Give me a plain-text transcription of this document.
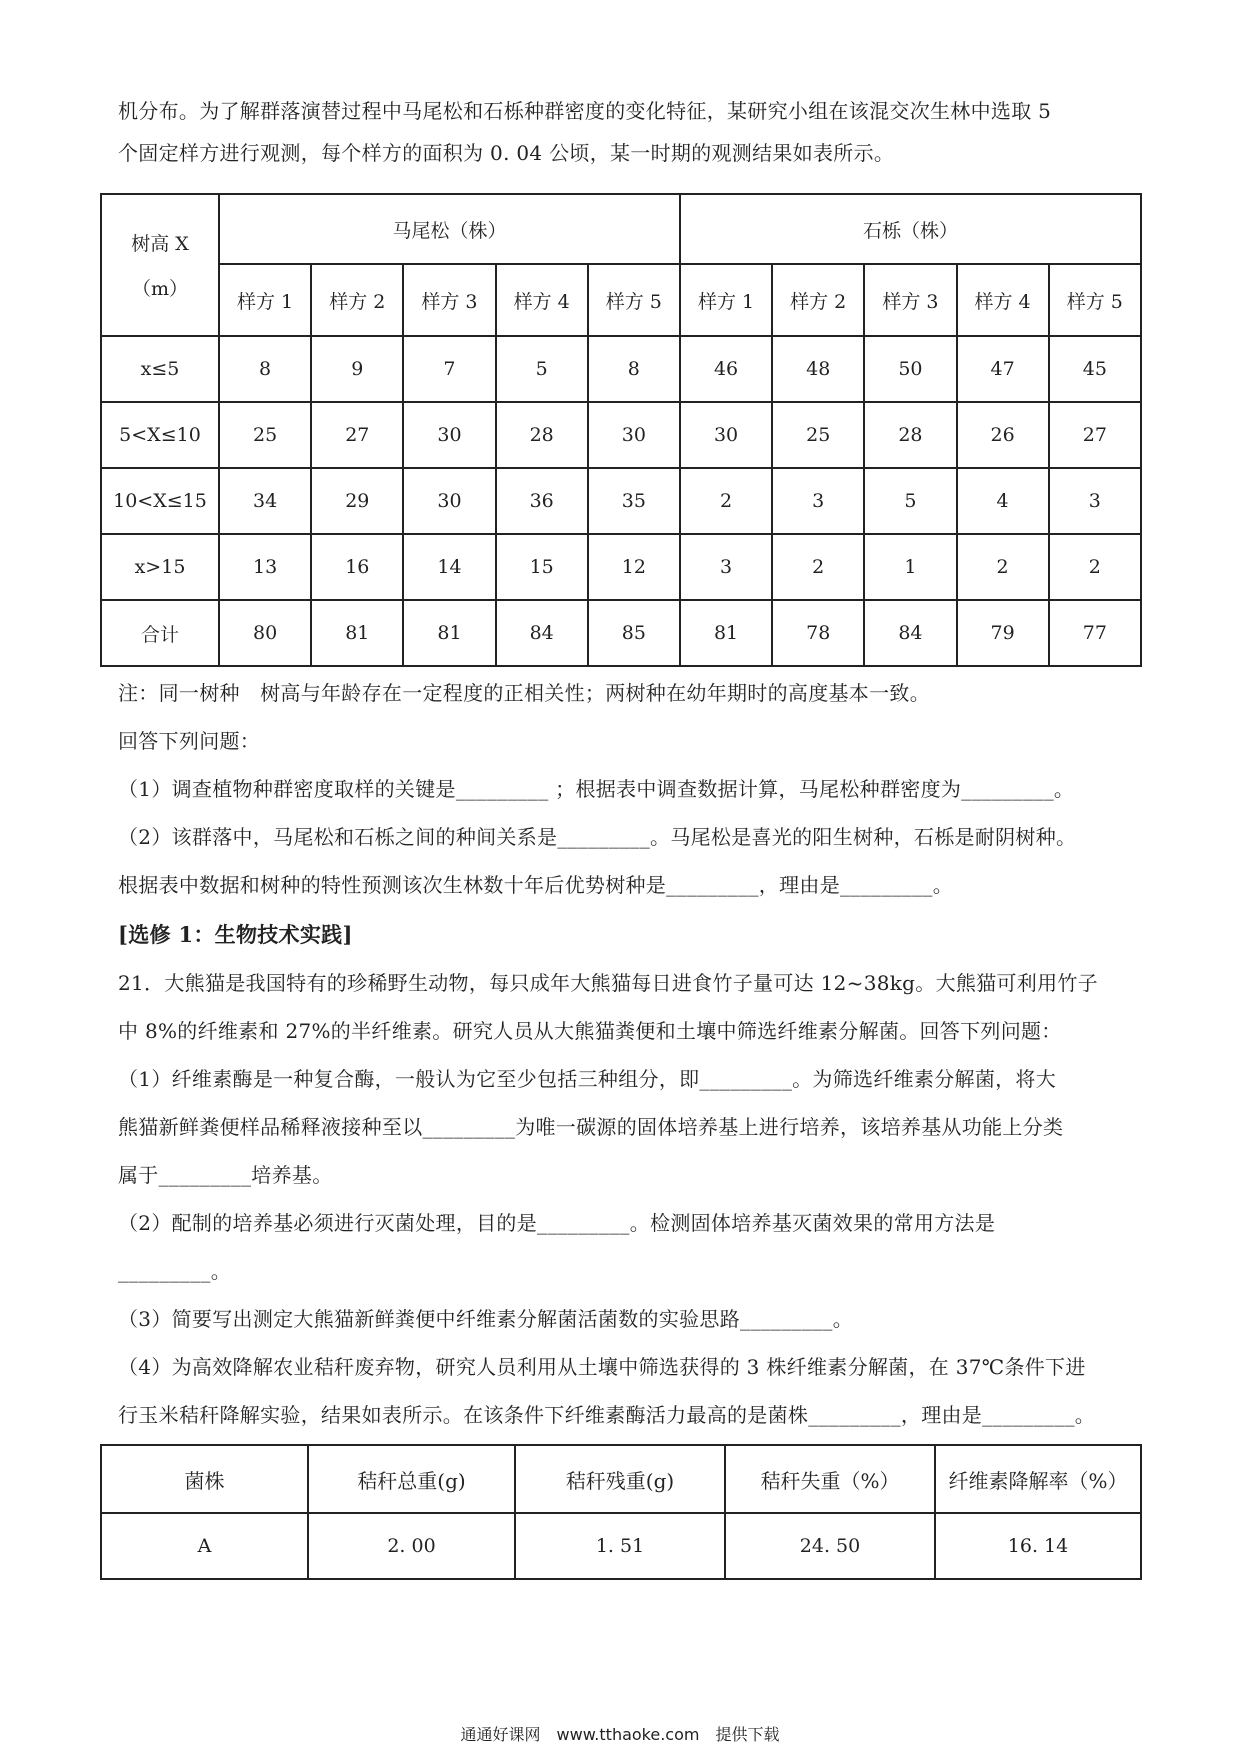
机分布。为了解群落演替过程中马尾松和石栎种群密度的变化特征，某研究小组在该混交次生林中选取 5
个固定样方进行观测，每个样方的面积为 0. 04 公顷，某一时期的观测结果如表所示。
树高 X
（m）	马尾松（株）					石栎（株）				
	样方 1	样方 2	样方 3	样方 4	样方 5	样方 1	样方 2	样方 3	样方 4	样方 5
x≤5	8	9	7	5	8	46	48	50	47	45
5<X≤10	25	27	30	28	30	30	25	28	26	27
10<X≤15	34	29	30	36	35	2	3	5	4	3
x>15	13	16	14	15	12	3	2	1	2	2
合计	80	81	81	84	85	81	78	84	79	77
注：同一树种　树高与年龄存在一定程度的正相关性；两树种在幼年期时的高度基本一致。
回答下列问题：
（1）调查植物种群密度取样的关键是_________ ；根据表中调查数据计算，马尾松种群密度为_________。
（2）该群落中，马尾松和石栎之间的种间关系是_________。马尾松是喜光的阳生树种，石栎是耐阴树种。
根据表中数据和树种的特性预测该次生林数十年后优势树种是_________，理由是_________。
[选修 1：生物技术实践]
21．大熊猫是我国特有的珍稀野生动物，每只成年大熊猫每日进食竹子量可达 12~38kg。大熊猫可利用竹子
中 8%的纤维素和 27%的半纤维素。研究人员从大熊猫粪便和土壤中筛选纤维素分解菌。回答下列问题：
（1）纤维素酶是一种复合酶，一般认为它至少包括三种组分，即_________。为筛选纤维素分解菌，将大
熊猫新鲜粪便样品稀释液接种至以_________为唯一碳源的固体培养基上进行培养，该培养基从功能上分类
属于_________培养基。
（2）配制的培养基必须进行灭菌处理，目的是_________。检测固体培养基灭菌效果的常用方法是
_________。
（3）简要写出测定大熊猫新鲜粪便中纤维素分解菌活菌数的实验思路_________。
（4）为高效降解农业秸秆废弃物，研究人员利用从土壤中筛选获得的 3 株纤维素分解菌，在 37℃条件下进
行玉米秸秆降解实验，结果如表所示。在该条件下纤维素酶活力最高的是菌株_________，理由是_________。
菌株	秸秆总重(g)	秸秆残重(g)	秸秆失重（%）	纤维素降解率（%）
A	2. 00	1. 51	24. 50	16. 14
通通好课网　www.tthaoke.com　提供下载
